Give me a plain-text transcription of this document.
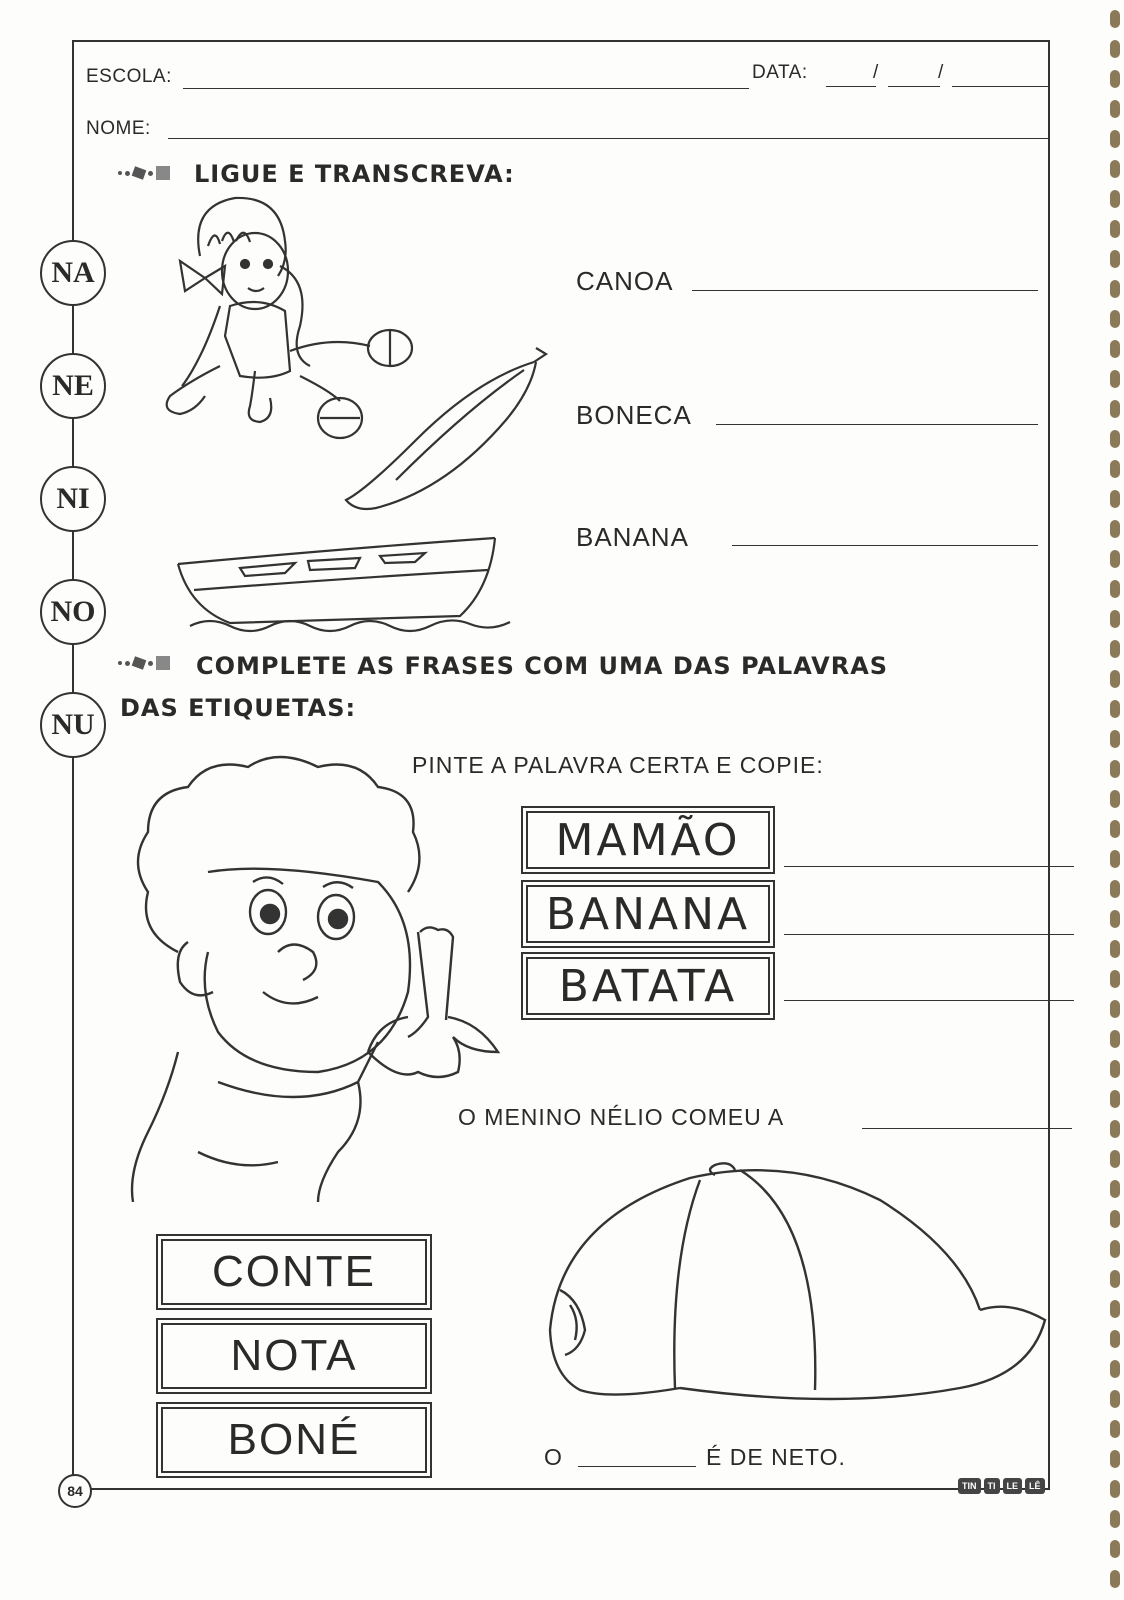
ESCOLA:	DATA:	/	/
NOME:
LIGUE E TRANSCREVA:
NA
NE
NI
NO
NU
CANOA
BONECA
BANANA
COMPLETE AS FRASES COM UMA DAS PALAVRAS
DAS ETIQUETAS:
PINTE A PALAVRA CERTA E COPIE:
MAMÃO
BANANA
BATATA
O MENINO NÉLIO COMEU A
CONTE
NOTA
BONÉ	O	É DE NETO.
84	TIN	TI	LE	LÊ
